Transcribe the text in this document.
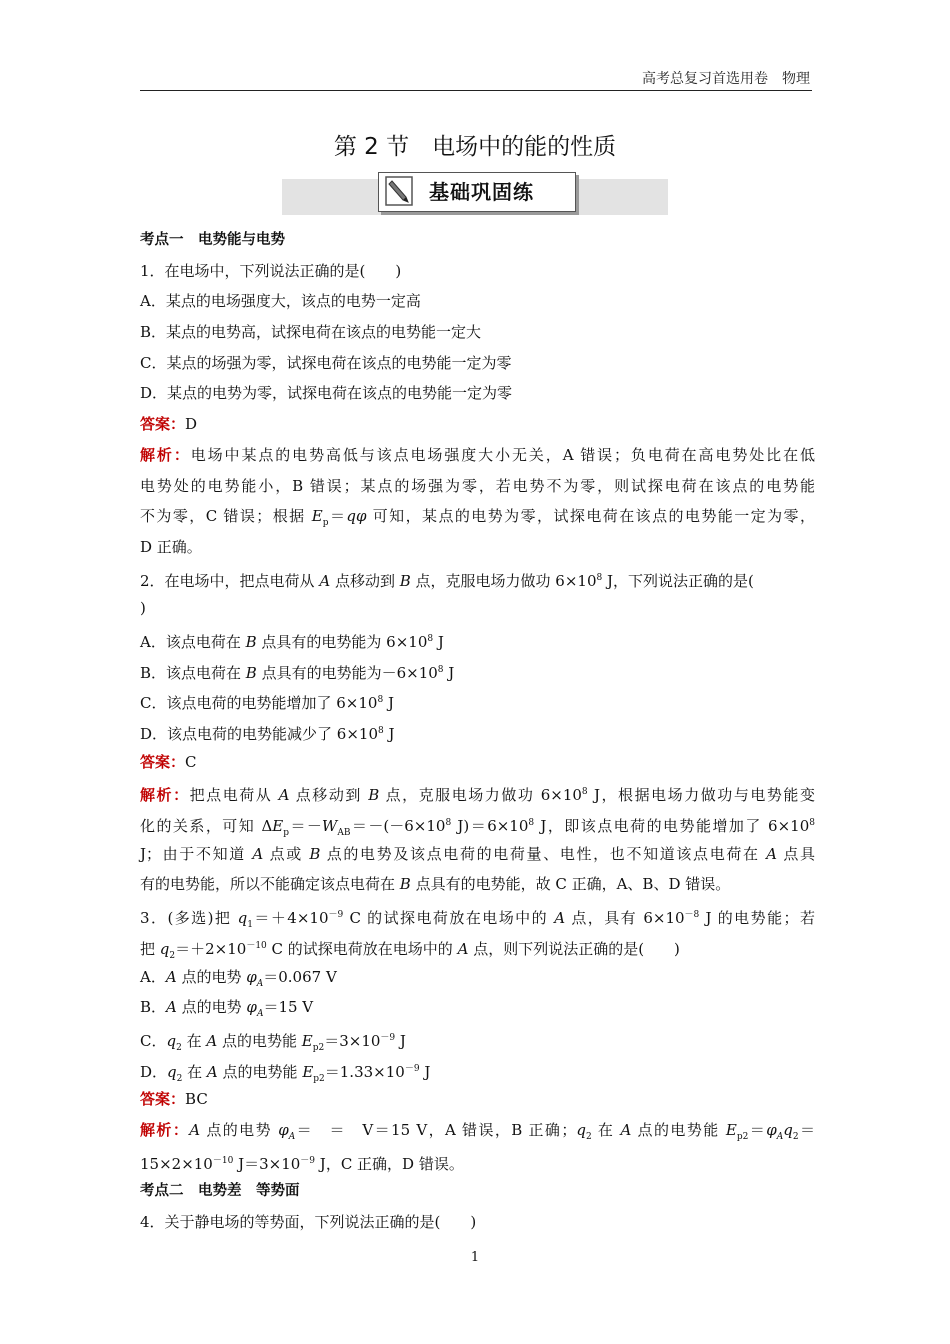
高考总复习首选用卷　物理
第 2 节　电场中的能的性质
基础巩固练
考点一　电势能与电势
1．在电场中，下列说法正确的是(　　)
A．某点的电场强度大，该点的电势一定高
B．某点的电势高，试探电荷在该点的电势能一定大
C．某点的场强为零，试探电荷在该点的电势能一定为零
D．某点的电势为零，试探电荷在该点的电势能一定为零
答案：D
解析：电场中某点的电势高低与该点电场强度大小无关，A 错误；负电荷在高电势处比在低
电势处的电势能小，B 错误；某点的场强为零，若电势不为零，则试探电荷在该点的电势能
不为零，C 错误；根据 $E_p=q\varphi$ 可知，某点的电势为零，试探电荷在该点的电势能一定为零，
D 正确。
2．在电场中，把点电荷从 A 点移动到 B 点，克服电场力做功 $6\times 10^8$ J，下列说法正确的是(
)
A．该点电荷在 B 点具有的电势能为 $6\times 10^8$ J
B．该点电荷在 B 点具有的电势能为$-6\times 10^8$ J
C．该点电荷的电势能增加了 $6\times 10^8$ J
D．该点电荷的电势能减少了 $6\times 10^8$ J
答案：C
解析：把点电荷从 A 点移动到 B 点，克服电场力做功 $6\times 10^8$ J，根据电场力做功与电势能变
化的关系，可知 $\Delta E_p=-W_{AB}=-(-6\times 10^8$ $J)=6\times 10^8$ J，即该点电荷的电势能增加了 $6\times 10^8$
J；由于不知道 A 点或 B 点的电势及该点电荷的电荷量、电性，也不知道该点电荷在 A 点具
有的电势能，所以不能确定该点电荷在 B 点具有的电势能，故 C 正确，A、B、D 错误。
3．(多选)把 $q_1=+4\times 10^{-9}$ C 的试探电荷放在电场中的 A 点，具有 $6\times 10^{-8}$ J 的电势能；若
把 $q_2=+2\times 10^{-10}$ C 的试探电荷放在电场中的 A 点，则下列说法正确的是(　　)
A．A 点的电势 $\varphi_A=0.067$ V
B．A 点的电势 $\varphi_A=15$ V
C．$q_2$ 在 A 点的电势能 $E_{p2}=3\times 10^{-9}$ J
D．$q_2$ 在 A 点的电势能 $E_{p2}=1.33\times 10^{-9}$ J
答案：BC
解析：A 点的电势 $\varphi_A=$　＝　V＝15 V，A 错误，B 正确；$q_2$ 在 A 点的电势能 $E_{p2}=\varphi_Aq_2=$
$15\times 2\times 10^{-10}$ $J=3\times 10^{-9}$ J，C 正确，D 错误。
考点二　电势差　等势面
4．关于静电场的等势面，下列说法正确的是(　　)
1
